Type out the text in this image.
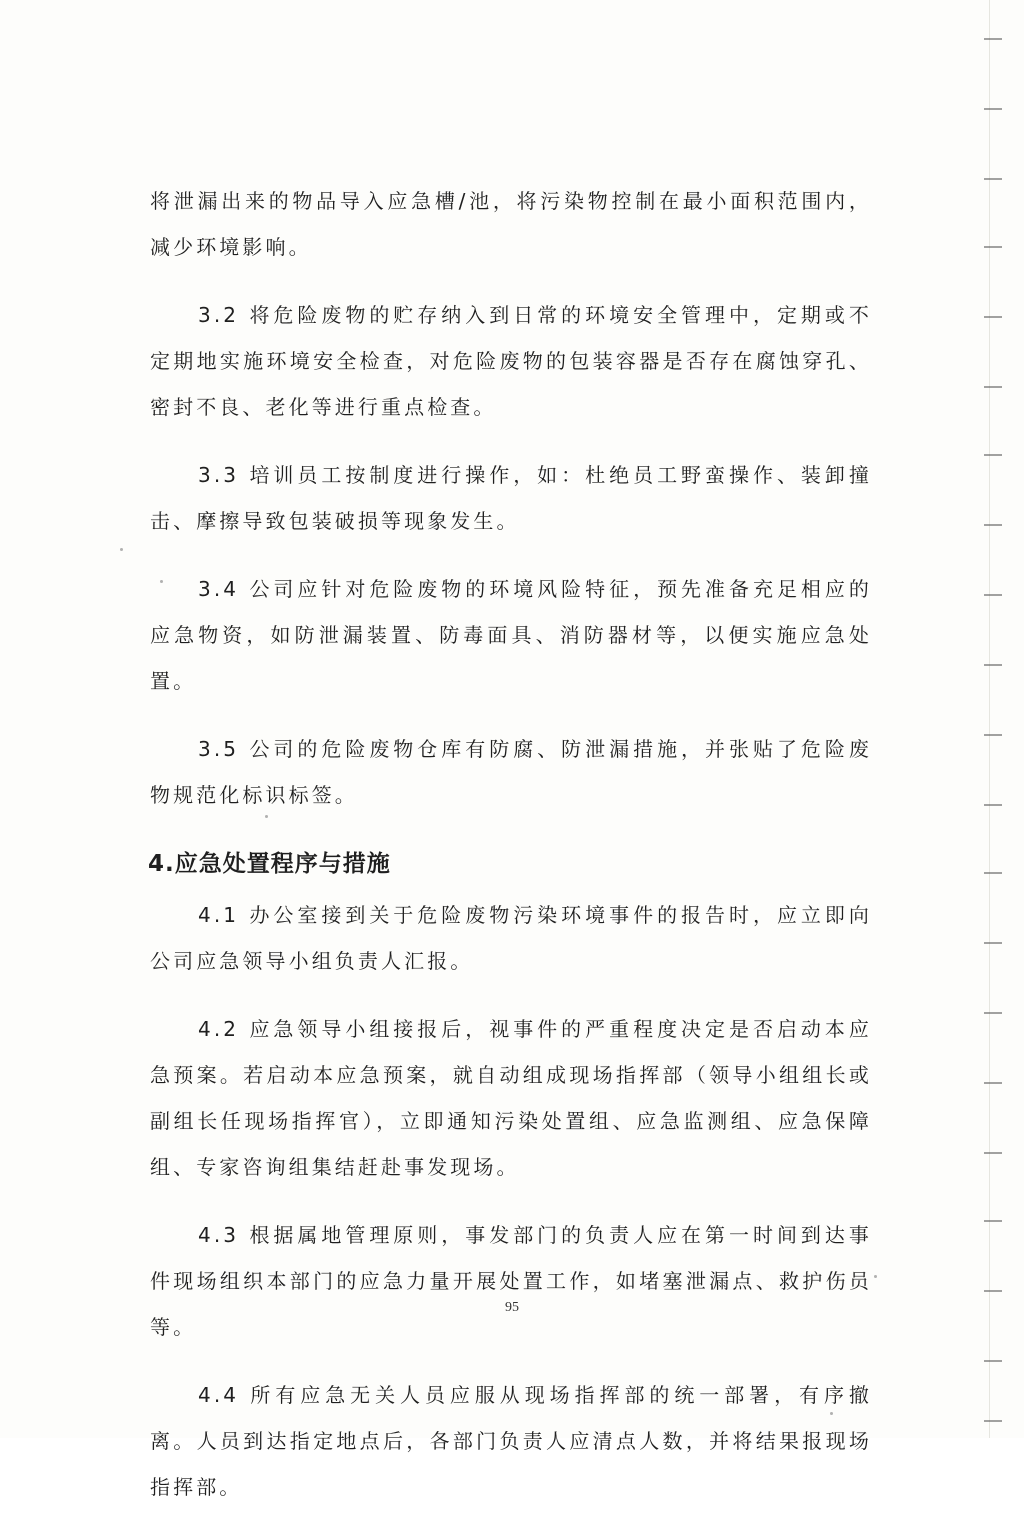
将泄漏出来的物品导入应急槽/池，将污染物控制在最小面积范围内，减少环境影响。

3.2 将危险废物的贮存纳入到日常的环境安全管理中，定期或不定期地实施环境安全检查，对危险废物的包装容器是否存在腐蚀穿孔、密封不良、老化等进行重点检查。

3.3 培训员工按制度进行操作，如：杜绝员工野蛮操作、装卸撞击、摩擦导致包装破损等现象发生。

3.4 公司应针对危险废物的环境风险特征，预先准备充足相应的应急物资，如防泄漏装置、防毒面具、消防器材等，以便实施应急处置。

3.5 公司的危险废物仓库有防腐、防泄漏措施，并张贴了危险废物规范化标识标签。

4.应急处置程序与措施

4.1 办公室接到关于危险废物污染环境事件的报告时，应立即向公司应急领导小组负责人汇报。

4.2 应急领导小组接报后，视事件的严重程度决定是否启动本应急预案。若启动本应急预案，就自动组成现场指挥部（领导小组组长或副组长任现场指挥官），立即通知污染处置组、应急监测组、应急保障组、专家咨询组集结赶赴事发现场。

4.3 根据属地管理原则，事发部门的负责人应在第一时间到达事件现场组织本部门的应急力量开展处置工作，如堵塞泄漏点、救护伤员等。

4.4 所有应急无关人员应服从现场指挥部的统一部署，有序撤离。人员到达指定地点后，各部门负责人应清点人数，并将结果报现场指挥部。

95
